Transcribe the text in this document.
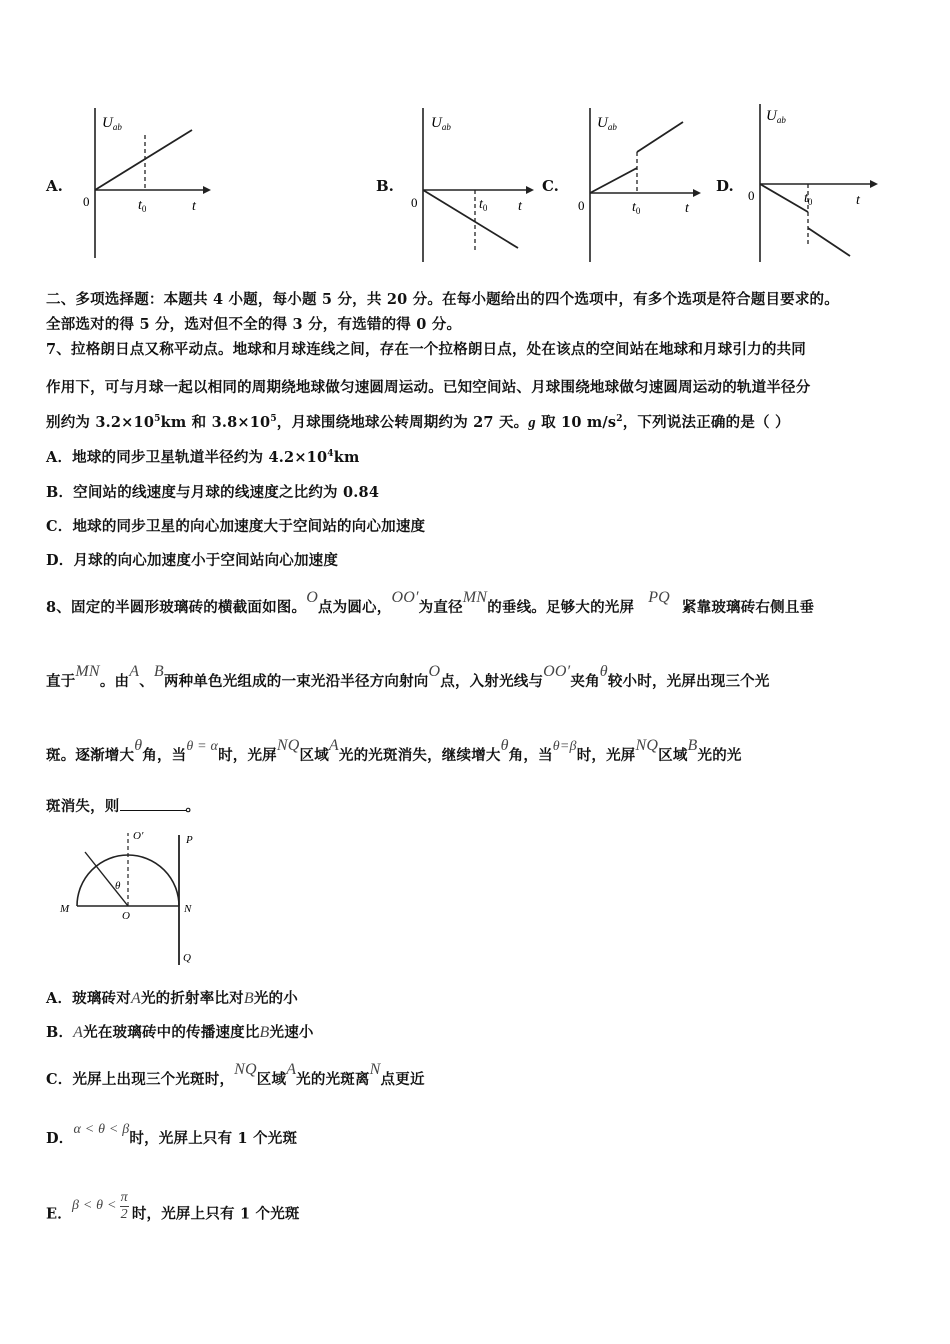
A.
$U_{ab}$
0	$t_0$	t
B.
$U_{ab}$
0	$t_0$ t
C.
$U_{ab}$
0	$t_0$	t
D.
$U_{ab}$
0	$t_0$	t
二、多项选择题：本题共 4 小题，每小题 5 分，共 20 分。在每小题给出的四个选项中，有多个选项是符合题目要求的。
全部选对的得 5 分，选对但不全的得 3 分，有选错的得 0 分。
7、拉格朗日点又称平动点。地球和月球连线之间，存在一个拉格朗日点，处在该点的空间站在地球和月球引力的共同
作用下，可与月球一起以相同的周期绕地球做匀速圆周运动。已知空间站、月球围绕地球做匀速圆周运动的轨道半径分
别约为 $3.2\times 10^5km$ 和 $3.8\times 10^5$，月球围绕地球公转周期约为 27 天。g 取 10 $m/s^2$，下列说法正确的是（ ）
A．地球的同步卫星轨道半径约为 $4.2\times 10^4km$
B．空间站的线速度与月球的线速度之比约为 0.84
C．地球的同步卫星的向心加速度大于空间站的向心加速度
D．月球的向心加速度小于空间站向心加速度
8、固定的半圆形玻璃砖的横截面如图。O点为圆心，OO′为直径MN的垂线。足够大的光屏PQ紧靠玻璃砖右侧且垂
直于MN。由A、B两种单色光组成的一束光沿半径方向射向O点，入射光线与OO′夹角θ较小时，光屏出现三个光
斑。逐渐增大θ角，当θ = α时，光屏NQ区域A光的光斑消失，继续增大θ角，当θ=β时，光屏NQ区域B光的光
斑消失，则	。
O′	P
θ
M
O
N
Q
A．玻璃砖对A光的折射率比对B光的小
B．A光在玻璃砖中的传播速度比B光速小
C．光屏上出现三个光斑时，NQ区域A光的光斑离N点更近
D．α < θ < β时，光屏上只有 1 个光斑
E．$\beta < \theta < \frac{\pi}{2}$ 时，光屏上只有 1 个光斑
